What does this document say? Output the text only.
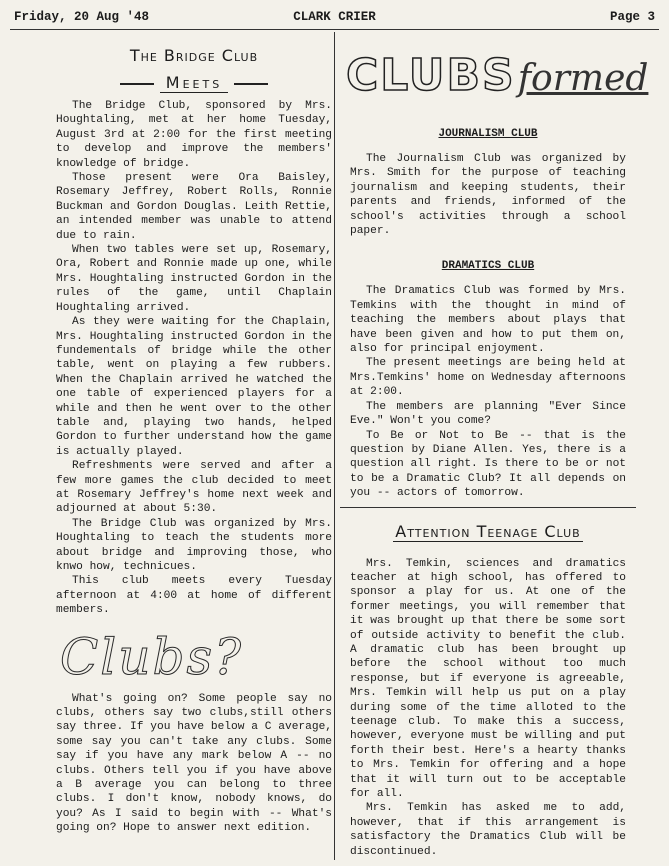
Friday, 20 Aug '48	CLARK CRIER	Page 3
The Bridge Club
Meets

The Bridge Club, sponsored by Mrs. Houghtaling, met at her home Tuesday, August 3rd at 2:00 for the first meeting to develop and improve the members' knowledge of bridge.

Those present were Ora Baisley, Rosemary Jeffrey, Robert Rolls, Ronnie Buckman and Gordon Douglas. Leith Rettie, an intended member was unable to attend due to rain.

When two tables were set up, Rosemary, Ora, Robert and Ronnie made up one, while Mrs. Houghtaling instructed Gordon in the rules of the game, until Chaplain Houghtaling arrived.

As they were waiting for the Chaplain, Mrs. Houghtaling instructed Gordon in the fundementals of bridge while the other table, went on playing a few rubbers. When the Chaplain arrived he watched the one table of experienced players for a while and then he went over to the other table and, playing two hands, helped Gordon to further understand how the game is actually played.

Refreshments were served and after a few more games the club decided to meet at Rosemary Jeffrey's home next week and adjourned at about 5:30.

The Bridge Club was organized by Mrs. Houghtaling to teach the students more about bridge and improving those, who knwo how, technicues.

This club meets every Tuesday afternoon at 4:00 at home of different members.

Clubs?

What's going on? Some people say no clubs, others say two clubs,still others say three. If you have below a C average, some say you can't take any clubs. Some say if you have any mark below A -- no clubs. Others tell you if you have above a B average you can belong to three clubs. I don't know, nobody knows, do you? As I said to begin with -- What's going on? Hope to answer next edition.

CLUBS formed
JOURNALISM CLUB

The Journalism Club was organized by Mrs. Smith for the purpose of teaching journalism and keeping students, their parents and friends, informed of the school's activities through a school paper.

DRAMATICS CLUB

The Dramatics Club was formed by Mrs. Temkins with the thought in mind of teaching the members about plays that have been given and how to put them on, also for principal enjoyment.

The present meetings are being held at Mrs.Temkins' home on Wednesday afternoons at 2:00.

The members are planning "Ever Since Eve." Won't you come?

To Be or Not to Be -- that is the question by Diane Allen. Yes, there is a question all right. Is there to be or not to be a Dramatic Club? It all depends on you -- actors of tomorrow.

Attention Teenage Club

Mrs. Temkin, sciences and dramatics teacher at high school, has offered to sponsor a play for us. At one of the former meetings, you will remember that it was brought up that there be some sort of outside activity to benefit the club. A dramatic club has been brought up before the school without too much response, but if everyone is agreeable, Mrs. Temkin will help us put on a play during some of the time alloted to the teenage club. To make this a success, however, everyone must be willing and put forth their best. Here's a hearty thanks to Mrs. Temkin for offering and a hope that it will turn out to be acceptable for all.

Mrs. Temkin has asked me to add, however, that if this arrangement is satisfactory the Dramatics Club will be discontinued.
